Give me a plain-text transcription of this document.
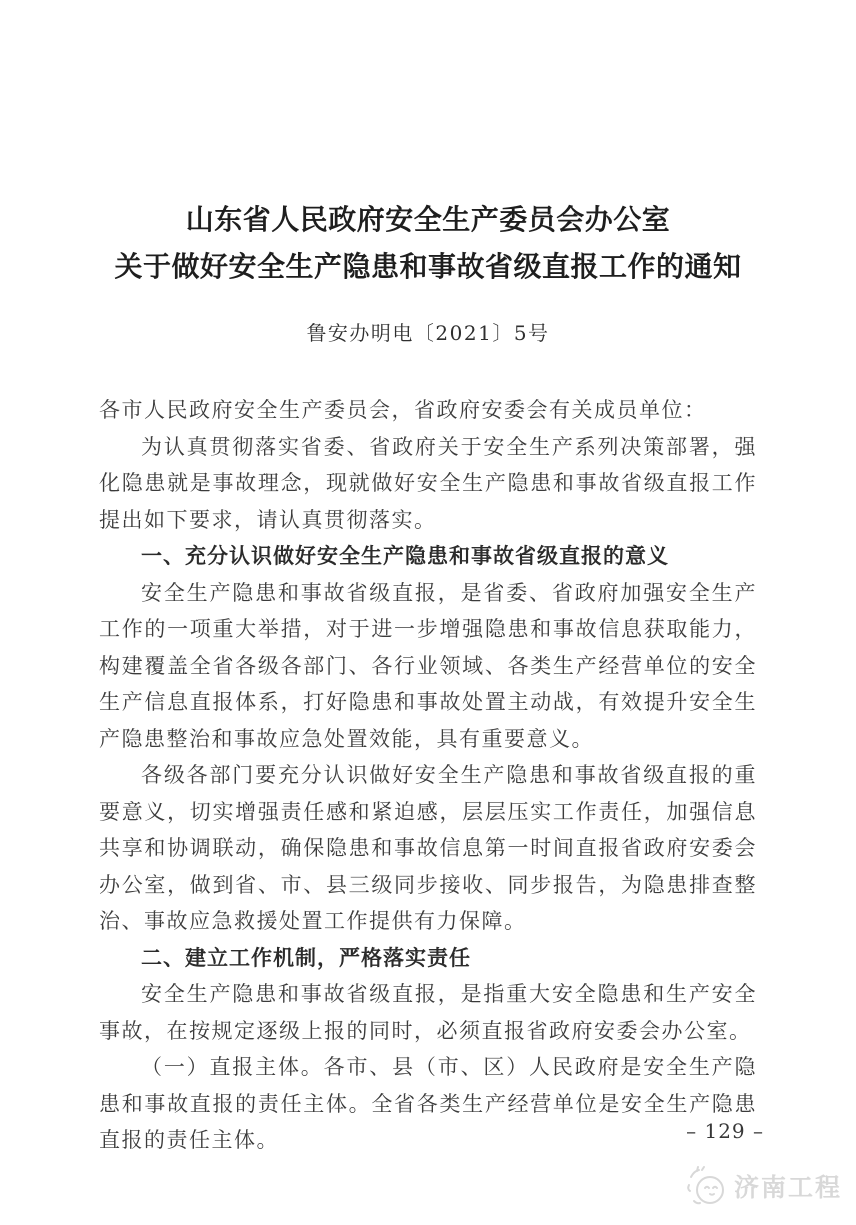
山东省人民政府安全生产委员会办公室
关于做好安全生产隐患和事故省级直报工作的通知
鲁安办明电〔2021〕5号

各市人民政府安全生产委员会，省政府安委会有关成员单位：

为认真贯彻落实省委、省政府关于安全生产系列决策部署，强化隐患就是事故理念，现就做好安全生产隐患和事故省级直报工作提出如下要求，请认真贯彻落实。

一、充分认识做好安全生产隐患和事故省级直报的意义

安全生产隐患和事故省级直报，是省委、省政府加强安全生产工作的一项重大举措，对于进一步增强隐患和事故信息获取能力，构建覆盖全省各级各部门、各行业领域、各类生产经营单位的安全生产信息直报体系，打好隐患和事故处置主动战，有效提升安全生产隐患整治和事故应急处置效能，具有重要意义。

各级各部门要充分认识做好安全生产隐患和事故省级直报的重要意义，切实增强责任感和紧迫感，层层压实工作责任，加强信息共享和协调联动，确保隐患和事故信息第一时间直报省政府安委会办公室，做到省、市、县三级同步接收、同步报告，为隐患排查整治、事故应急救援处置工作提供有力保障。

二、建立工作机制，严格落实责任

安全生产隐患和事故省级直报，是指重大安全隐患和生产安全事故，在按规定逐级上报的同时，必须直报省政府安委会办公室。

（一）直报主体。各市、县（市、区）人民政府是安全生产隐患和事故直报的责任主体。全省各类生产经营单位是安全生产隐患直报的责任主体。	– 129 –
济南工程
